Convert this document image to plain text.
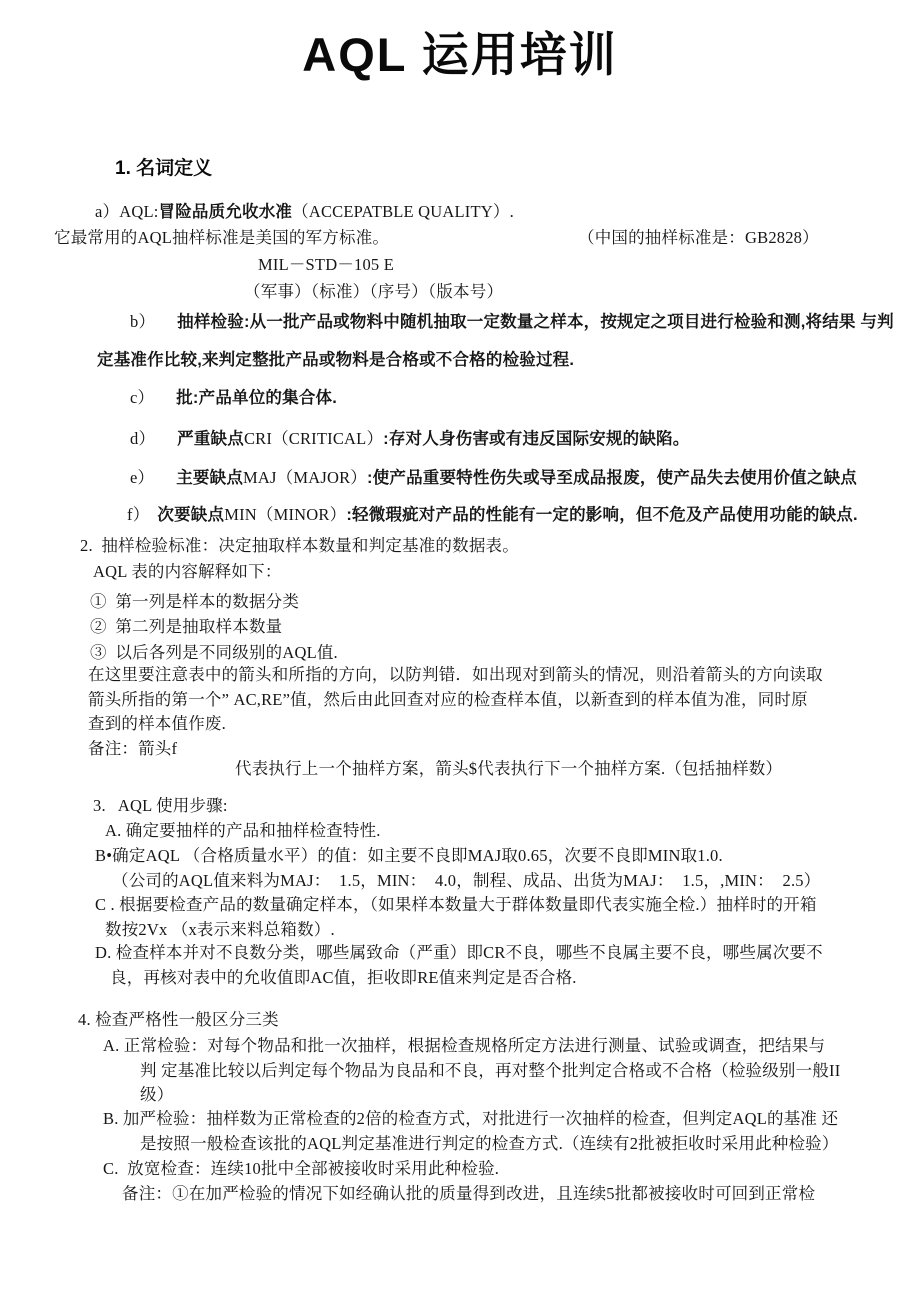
AQL 运用培训
1. 名词定义
a）AQL:冒险品质允收水准（ACCEPATBLE QUALITY）.
它最常用的AQL抽样标准是美国的军方标准。	（中国的抽样标准是：GB2828）
MIL－STD－105 E
（军事）（标准）（序号）（版本号）
b） 抽样检验:从一批产品或物料中随机抽取一定数量之样本，按规定之项目进行检验和测,将结果 与判
定基准作比较,来判定整批产品或物料是合格或不合格的检验过程.
c） 批:产品单位的集合体.
d） 严重缺点CRI（CRITICAL）:存对人身伤害或有违反国际安规的缺陷。
e） 主要缺点MAJ（MAJOR）:使产品重要特性伤失或导至成品报废，使产品失去使用价值之缺点
f） 次要缺点MIN（MINOR）:轻微瑕疵对产品的性能有一定的影响，但不危及产品使用功能的缺点.
2.  抽样检验标准：决定抽取样本数量和判定基准的数据表。
AQL 表的内容解释如下：
①  第一列是样本的数据分类
②  第二列是抽取样本数量
③  以后各列是不同级别的AQL值.
在这里要注意表中的箭头和所指的方向，以防判错．如出现对到箭头的情况，则沿着箭头的方向读取
箭头所指的第一个” AC,RE”值，然后由此回查对应的检查样本值，以新查到的样本值为准，同时原
查到的样本值作废.
备注：箭头f
代表执行上一个抽样方案，箭头$代表执行下一个抽样方案.（包括抽样数）
3.   AQL 使用步骤:
A. 确定要抽样的产品和抽样检查特性.
B•确定AQL （合格质量水平）的值：如主要不良即MAJ取0.65，次要不良即MIN取1.0.
（公司的AQL值来料为MAJ：  1.5，MIN：  4.0，制程、成品、出货为MAJ：  1.5，,MIN：  2.5）
C . 根据要检查产品的数量确定样本，（如果样本数量大于群体数量即代表实施全检.）抽样时的开箱
数按2Vx （x表示来料总箱数）.
D. 检查样本并对不良数分类，哪些属致命（严重）即CR不良，哪些不良属主要不良，哪些属次要不
良，再核对表中的允收值即AC值，拒收即RE值来判定是否合格.
4. 检查严格性一般区分三类
A. 正常检验：对每个物品和批一次抽样，根据检查规格所定方法进行测量、试验或调查，把结果与
判 定基准比较以后判定每个物品为良品和不良，再对整个批判定合格或不合格（检验级别一般II
级）
B. 加严检验：抽样数为正常检查的2倍的检查方式，对批进行一次抽样的检查，但判定AQL的基准 还
是按照一般检查该批的AQL判定基准进行判定的检查方式.（连续有2批被拒收时采用此种检验）
C.  放宽检查：连续10批中全部被接收时采用此种检验.
备注：①在加严检验的情况下如经确认批的质量得到改进，且连续5批都被接收时可回到正常检
